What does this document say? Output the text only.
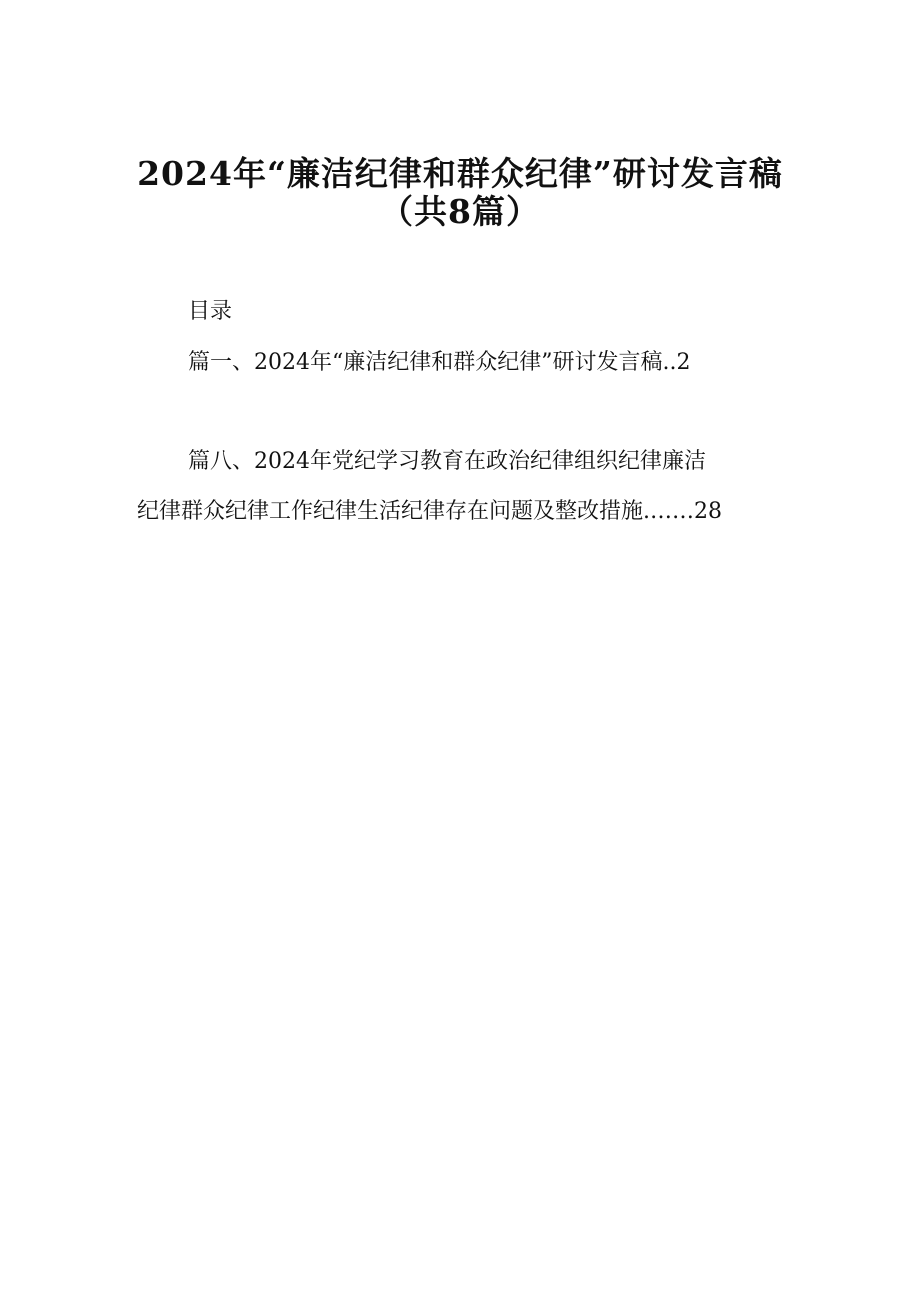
2024年“廉洁纪律和群众纪律”研讨发言稿
（共8篇）
目录
篇一、2024年“廉洁纪律和群众纪律”研讨发言稿..2
篇八、2024年党纪学习教育在政治纪律组织纪律廉洁
纪律群众纪律工作纪律生活纪律存在问题及整改措施.……28
